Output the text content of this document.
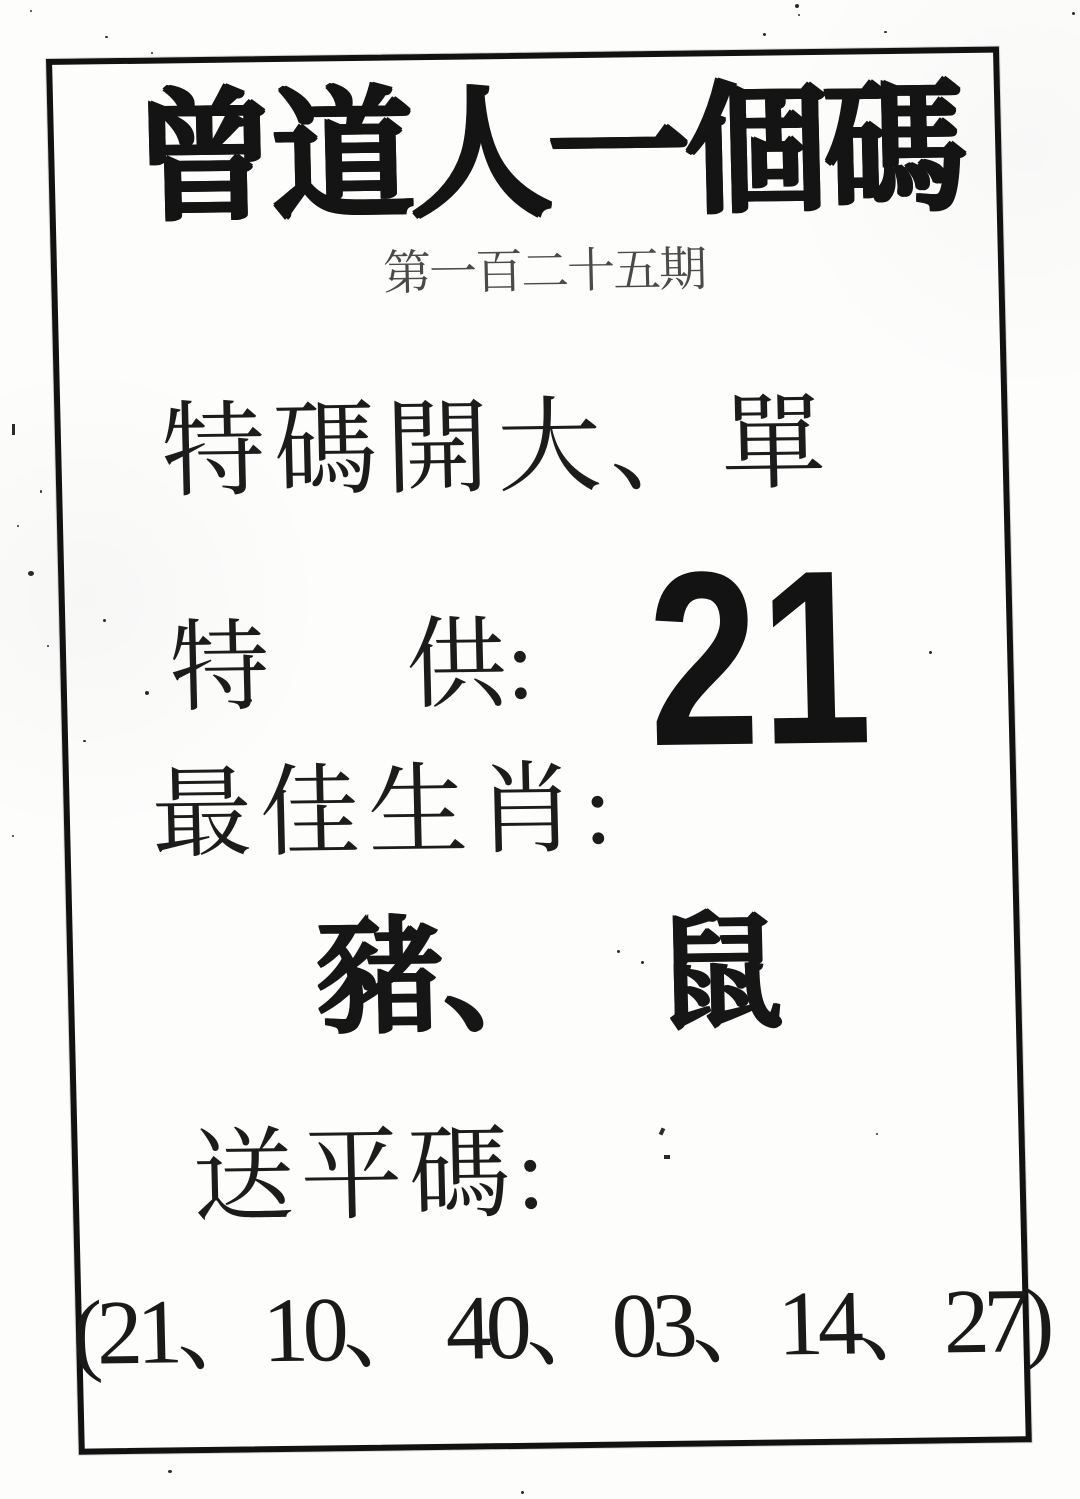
曾道人一個碼
第一百二十五期
特碼開大、單
特 供: 21
最佳生肖:
豬、 鼠
送平碼:
(21、10、 40、03、14、27)
